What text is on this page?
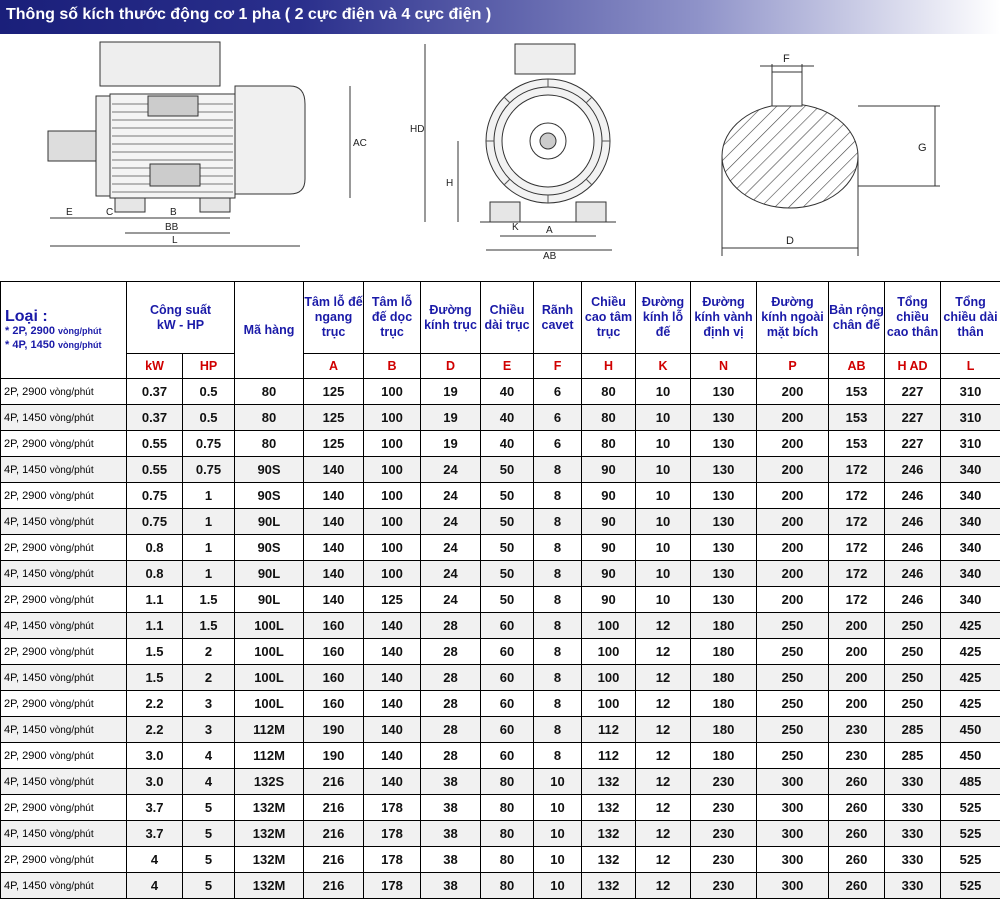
Thông số kích thước động cơ 1 pha ( 2 cực điện và 4 cực điện )
E	C	B
BB
L
AC
HD
H
K	A
AB
F
G
D
Loại :
* 2P, 2900 vòng/phút
* 4P, 1450 vòng/phút	Công suất
kW - HP		Mã hàng	Tâm lỗ đế ngang trục	Tâm lỗ đế dọc trục	Đường kính trục	Chiều dài trục	Rãnh cavet	Chiều cao tâm trục	Đường kính lỗ đế	Đường kính vành định vị	Đường kính ngoài mặt bích	Bản rộng chân đế	Tổng chiều cao thân	Tổng chiều dài thân
	kW	HP		A	B	D	E	F	H	K	N	P	AB	H AD	L
2P, 2900 vòng/phút	0.37	0.5	80	125	100	19	40	6	80	10	130	200	153	227	310
4P, 1450 vòng/phút	0.37	0.5	80	125	100	19	40	6	80	10	130	200	153	227	310
2P, 2900 vòng/phút	0.55	0.75	80	125	100	19	40	6	80	10	130	200	153	227	310
4P, 1450 vòng/phút	0.55	0.75	90S	140	100	24	50	8	90	10	130	200	172	246	340
2P, 2900 vòng/phút	0.75	1	90S	140	100	24	50	8	90	10	130	200	172	246	340
4P, 1450 vòng/phút	0.75	1	90L	140	100	24	50	8	90	10	130	200	172	246	340
2P, 2900 vòng/phút	0.8	1	90S	140	100	24	50	8	90	10	130	200	172	246	340
4P, 1450 vòng/phút	0.8	1	90L	140	100	24	50	8	90	10	130	200	172	246	340
2P, 2900 vòng/phút	1.1	1.5	90L	140	125	24	50	8	90	10	130	200	172	246	340
4P, 1450 vòng/phút	1.1	1.5	100L	160	140	28	60	8	100	12	180	250	200	250	425
2P, 2900 vòng/phút	1.5	2	100L	160	140	28	60	8	100	12	180	250	200	250	425
4P, 1450 vòng/phút	1.5	2	100L	160	140	28	60	8	100	12	180	250	200	250	425
2P, 2900 vòng/phút	2.2	3	100L	160	140	28	60	8	100	12	180	250	200	250	425
4P, 1450 vòng/phút	2.2	3	112M	190	140	28	60	8	112	12	180	250	230	285	450
2P, 2900 vòng/phút	3.0	4	112M	190	140	28	60	8	112	12	180	250	230	285	450
4P, 1450 vòng/phút	3.0	4	132S	216	140	38	80	10	132	12	230	300	260	330	485
2P, 2900 vòng/phút	3.7	5	132M	216	178	38	80	10	132	12	230	300	260	330	525
4P, 1450 vòng/phút	3.7	5	132M	216	178	38	80	10	132	12	230	300	260	330	525
2P, 2900 vòng/phút	4	5	132M	216	178	38	80	10	132	12	230	300	260	330	525
4P, 1450 vòng/phút	4	5	132M	216	178	38	80	10	132	12	230	300	260	330	525
